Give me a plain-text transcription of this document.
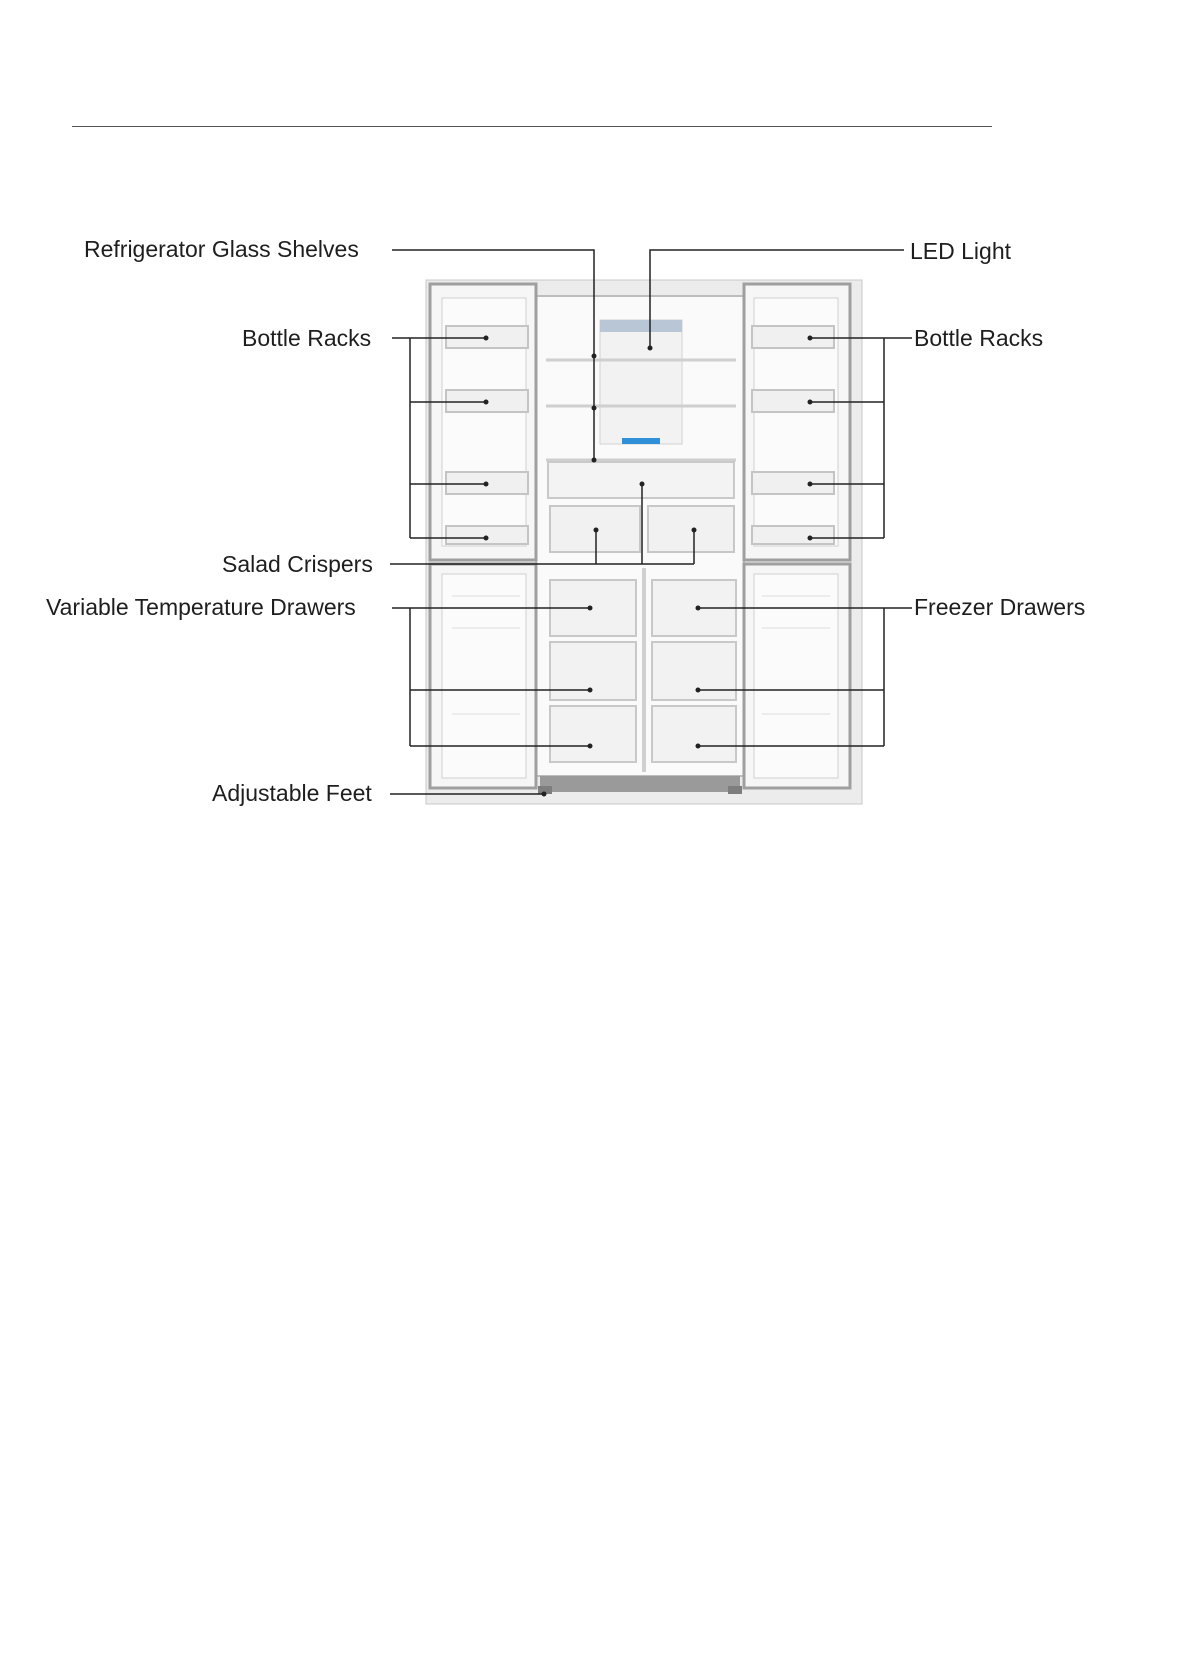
Refrigerator Glass Shelves	LED Light
Bottle Racks	Bottle Racks
Salad Crispers
Variable Temperature Drawers	Freezer Drawers
Adjustable Feet
